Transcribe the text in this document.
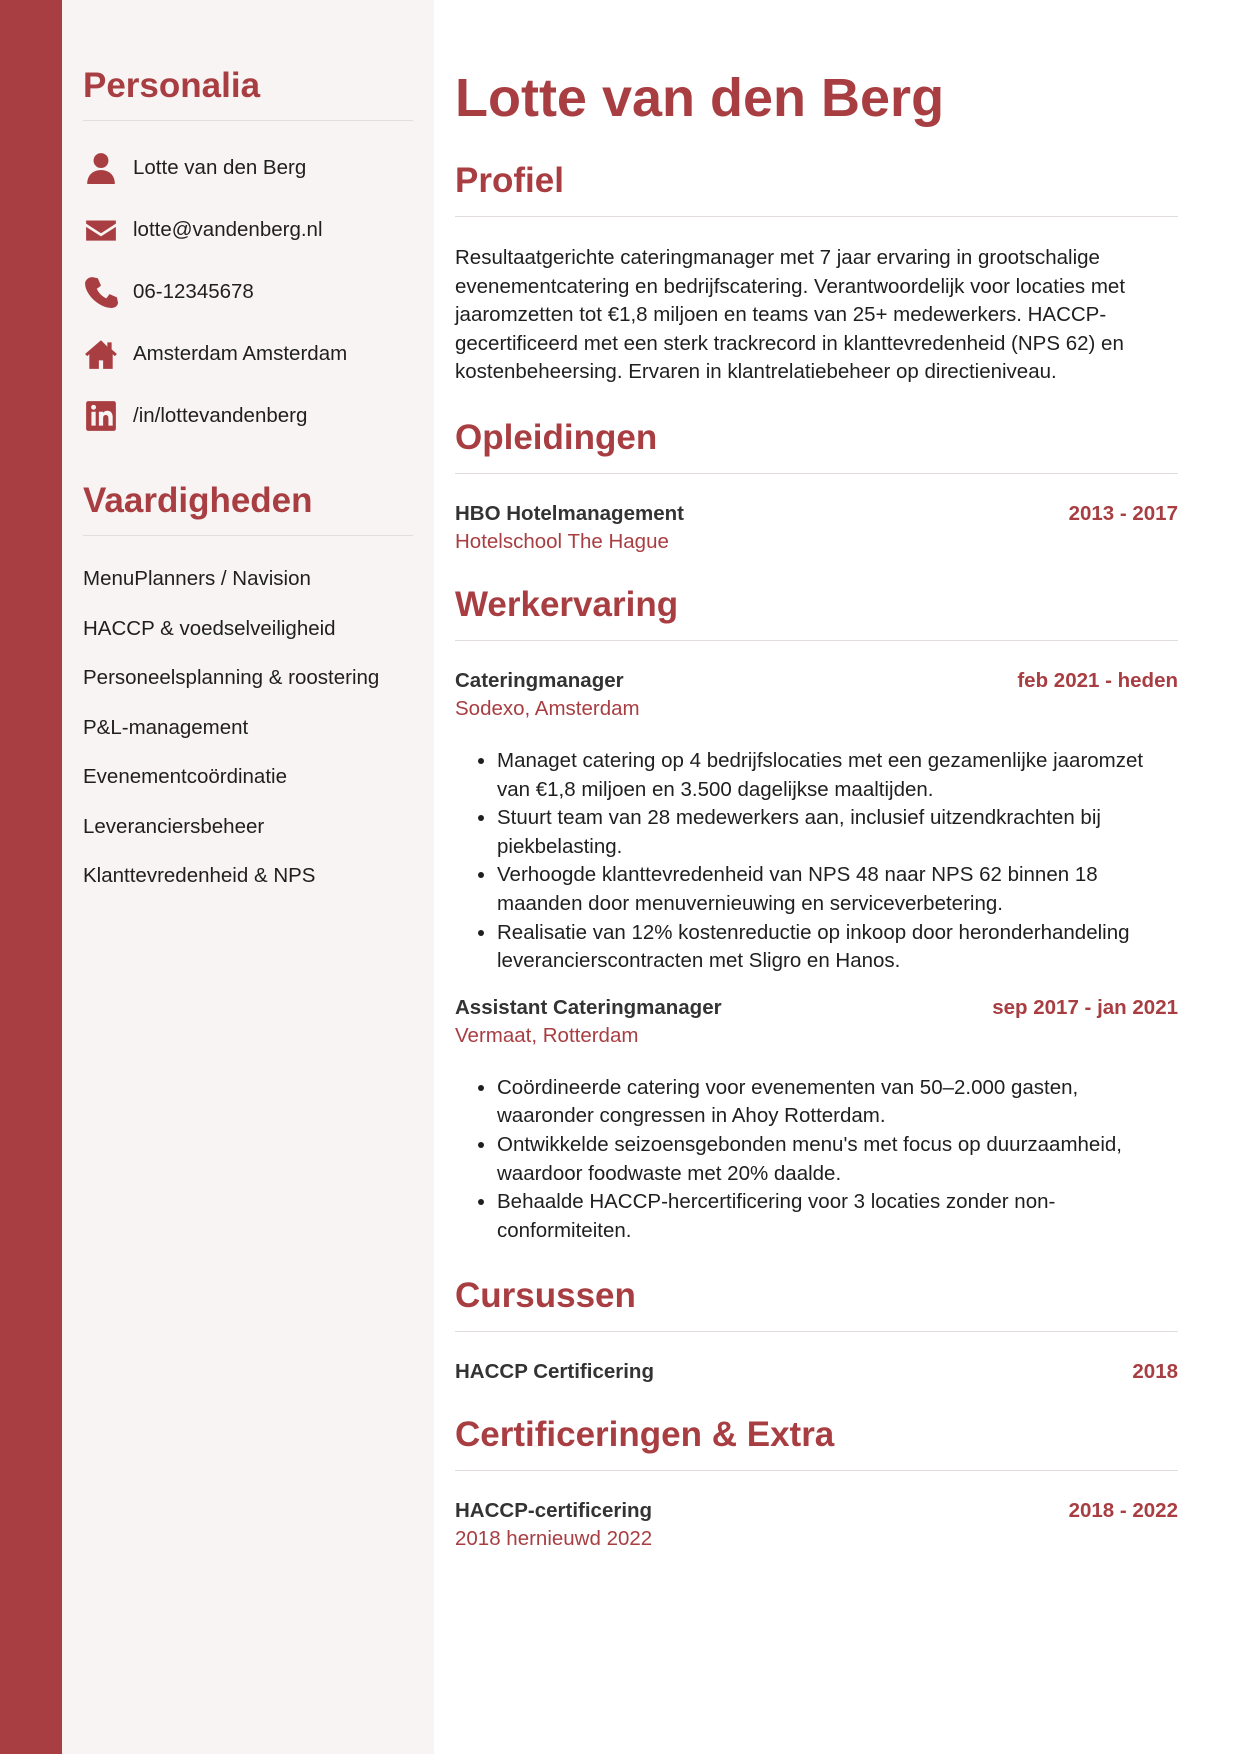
Personalia
Lotte van den Berg
lotte@vandenberg.nl
06-12345678
Amsterdam Amsterdam
/in/lottevandenberg
Vaardigheden
MenuPlanners / Navision
HACCP & voedselveiligheid
Personeelsplanning & roostering
P&L-management
Evenementcoördinatie
Leveranciersbeheer
Klanttevredenheid & NPS
Lotte van den Berg
Profiel

Resultaatgerichte cateringmanager met 7 jaar ervaring in grootschalige evenementcatering en bedrijfscatering. Verantwoordelijk voor locaties met jaaromzetten tot €1,8 miljoen en teams van 25+ medewerkers. HACCP-gecertificeerd met een sterk trackrecord in klanttevredenheid (NPS 62) en kostenbeheersing. Ervaren in klantrelatiebeheer op directieniveau.

Opleidingen
HBO Hotelmanagement	2013 - 2017
Hotelschool The Hague
Werkervaring
Cateringmanager	feb 2021 - heden
Sodexo, Amsterdam
• Managet catering op 4 bedrijfslocaties met een gezamenlijke jaaromzet van €1,8 miljoen en 3.500 dagelijkse maaltijden.
• Stuurt team van 28 medewerkers aan, inclusief uitzendkrachten bij piekbelasting.
• Verhoogde klanttevredenheid van NPS 48 naar NPS 62 binnen 18 maanden door menuvernieuwing en serviceverbetering.
• Realisatie van 12% kostenreductie op inkoop door heronderhandeling leverancierscontracten met Sligro en Hanos.
Assistant Cateringmanager	sep 2017 - jan 2021
Vermaat, Rotterdam
• Coördineerde catering voor evenementen van 50–2.000 gasten, waaronder congressen in Ahoy Rotterdam.
• Ontwikkelde seizoensgebonden menu's met focus op duurzaamheid, waardoor foodwaste met 20% daalde.
• Behaalde HACCP-hercertificering voor 3 locaties zonder non-conformiteiten.
Cursussen
HACCP Certificering	2018
Certificeringen & Extra
HACCP-certificering	2018 - 2022
2018 hernieuwd 2022
